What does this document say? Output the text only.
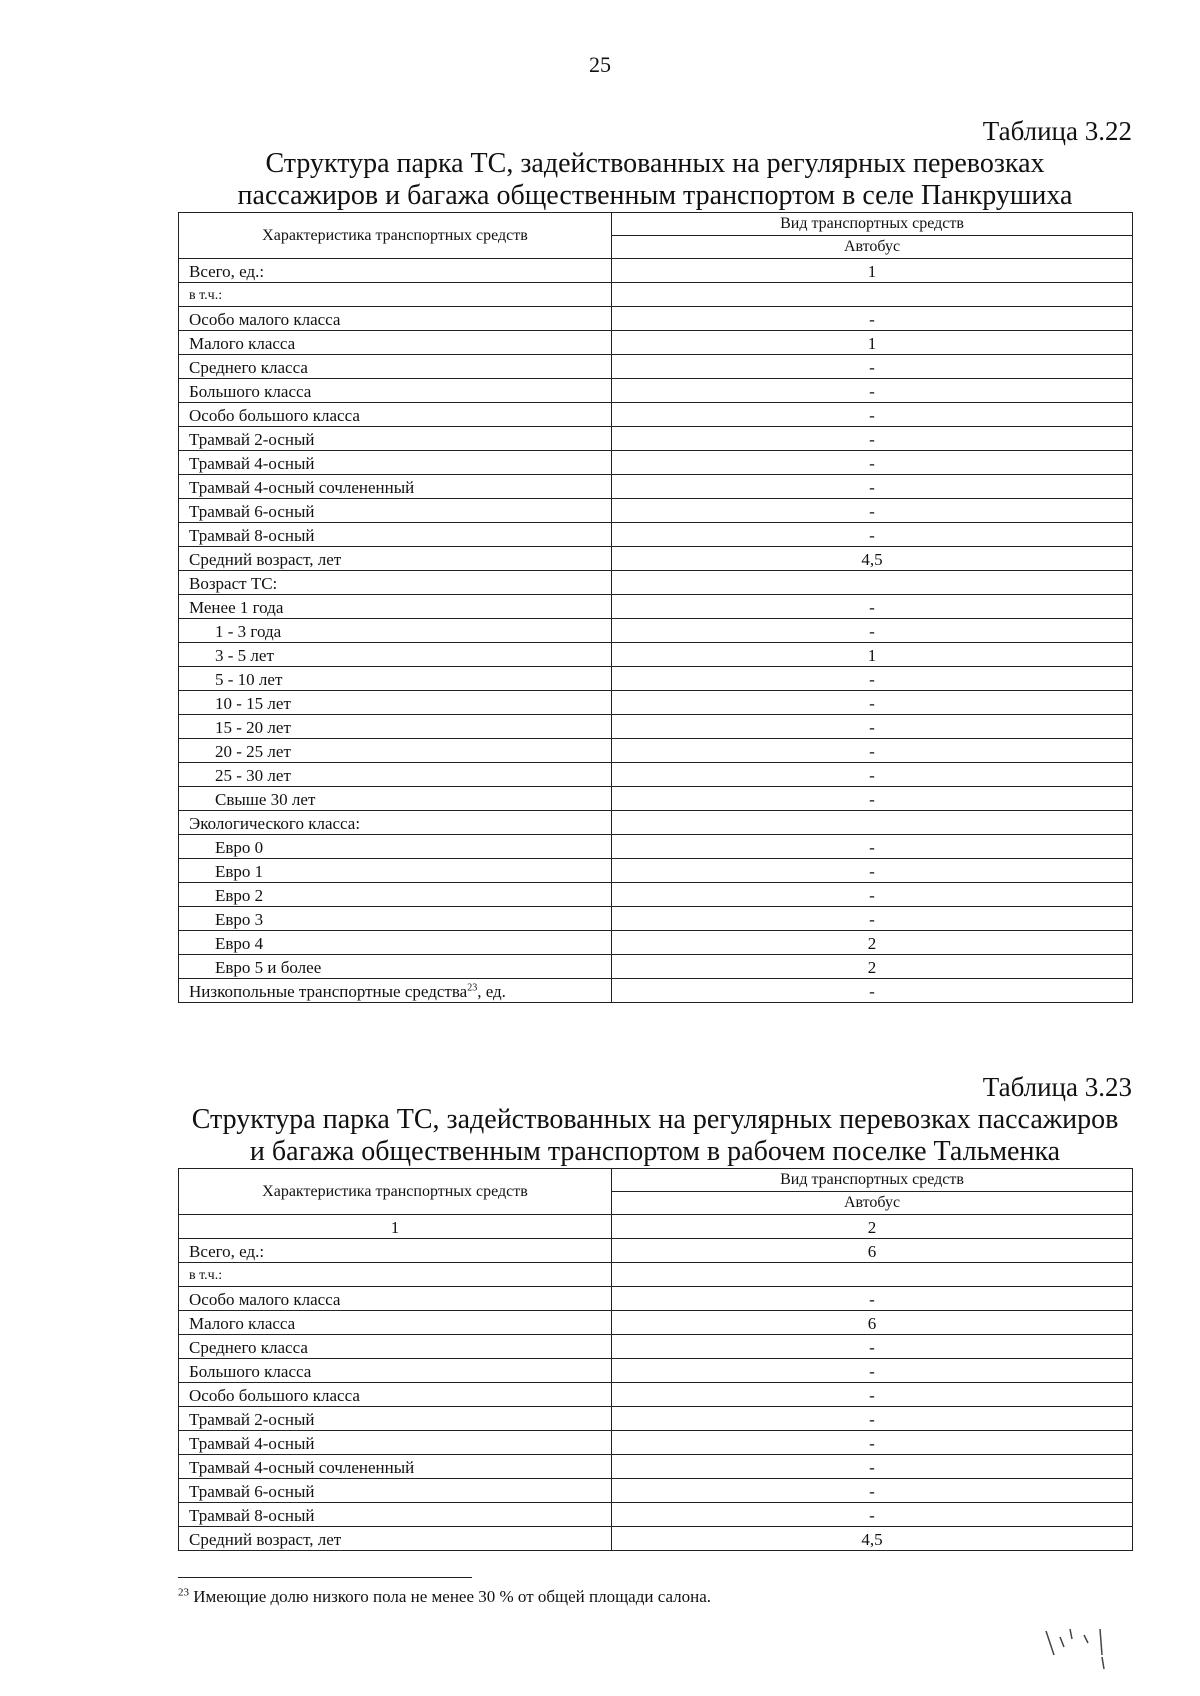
25
Таблица 3.22
Структура парка ТС, задействованных на регулярных перевозках
пассажиров и багажа общественным транспортом в селе Панкрушиха
Характеристика транспортных средств	Вид транспортных средств
	Автобус
Всего, ед.:	1
в т.ч.:	
Особо малого класса	-
Малого класса	1
Среднего класса	-
Большого класса	-
Особо большого класса	-
Трамвай 2-осный	-
Трамвай 4-осный	-
Трамвай 4-осный сочлененный	-
Трамвай 6-осный	-
Трамвай 8-осный	-
Средний возраст, лет	4,5
Возраст ТС:	
Менее 1 года	-
1 - 3 года	-
3 - 5 лет	1
5 - 10 лет	-
10 - 15 лет	-
15 - 20 лет	-
20 - 25 лет	-
25 - 30 лет	-
Свыше 30 лет	-
Экологического класса:	
Евро 0	-
Евро 1	-
Евро 2	-
Евро 3	-
Евро 4	2
Евро 5 и более	2
Низкопольные транспортные средства$^{23}$, ед.	-
Таблица 3.23
Структура парка ТС, задействованных на регулярных перевозках пассажиров
и багажа общественным транспортом в рабочем поселке Тальменка
Характеристика транспортных средств	Вид транспортных средств
	Автобус
1	2
Всего, ед.:	6
в т.ч.:	
Особо малого класса	-
Малого класса	6
Среднего класса	-
Большого класса	-
Особо большого класса	-
Трамвай 2-осный	-
Трамвай 4-осный	-
Трамвай 4-осный сочлененный	-
Трамвай 6-осный	-
Трамвай 8-осный	-
Средний возраст, лет	4,5
$^{23}$ Имеющие долю низкого пола не менее 30 % от общей площади салона.
